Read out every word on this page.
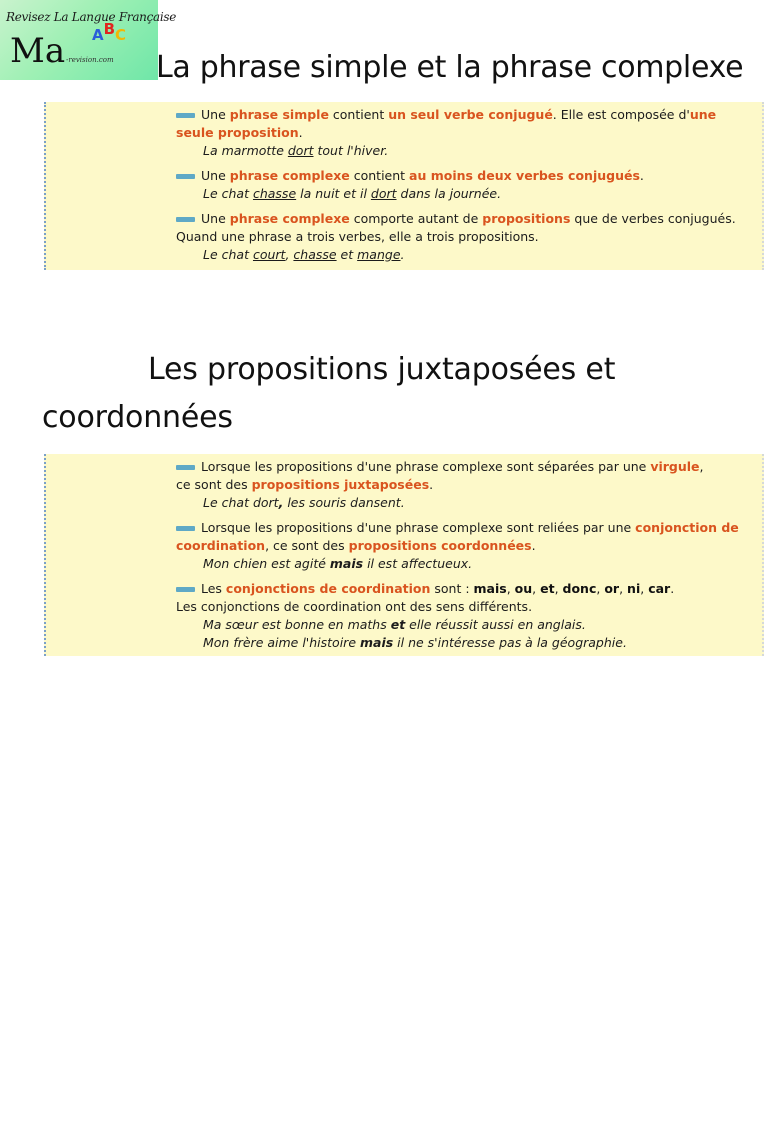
Revisez La Langue Française
Ma -revision.com
ABC
La phrase simple et la phrase complexe
Une phrase simple contient un seul verbe conjugué. Elle est composée d'une seule proposition.
La marmotte dort tout l'hiver.
Une phrase complexe contient au moins deux verbes conjugués.
Le chat chasse la nuit et il dort dans la journée.
Une phrase complexe comporte autant de propositions que de verbes conjugués.
Quand une phrase a trois verbes, elle a trois propositions.
Le chat court, chasse et mange.
Les propositions juxtaposées et
coordonnées
Lorsque les propositions d'une phrase complexe sont séparées par une virgule,
ce sont des propositions juxtaposées.
Le chat dort, les souris dansent.
Lorsque les propositions d'une phrase complexe sont reliées par une conjonction de coordination, ce sont des propositions coordonnées.
Mon chien est agité mais il est affectueux.
Les conjonctions de coordination sont : mais, ou, et, donc, or, ni, car.
Les conjonctions de coordination ont des sens différents.
Ma sœur est bonne en maths et elle réussit aussi en anglais.
Mon frère aime l'histoire mais il ne s'intéresse pas à la géographie.
